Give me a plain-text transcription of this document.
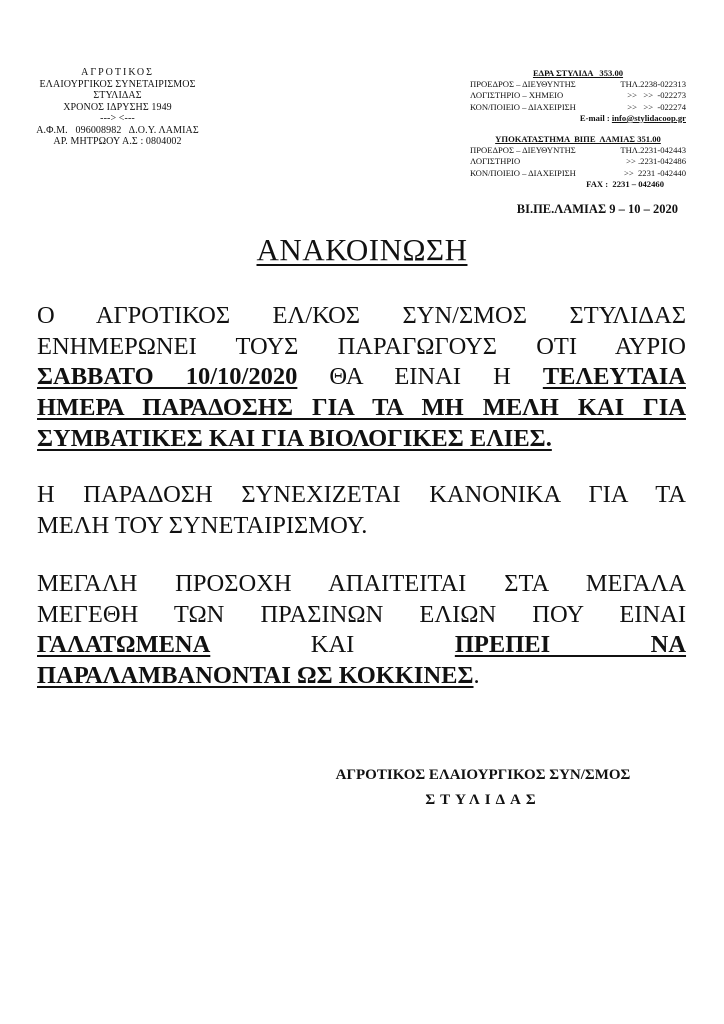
ΑΓΡΟΤΙΚΟΣ
ΕΛΑΙΟΥΡΓΙΚΟΣ ΣΥΝΕΤΑΙΡΙΣΜΟΣ
ΣΤΥΛΙΔΑΣ
ΧΡΟΝΟΣ ΙΔΡΥΣΗΣ 1949
---> <---
Α.Φ.Μ.   096008982   Δ.Ο.Υ. ΛΑΜΙΑΣ
ΑΡ. ΜΗΤΡΩΟΥ Α.Σ : 0804002
ΕΔΡΑ ΣΤΥΛΙΔΑ   353.00
ΠΡΟΕΔΡΟΣ – ΔΙΕΥΘΥΝΤΗΣ	ΤΗΛ.2238-022313
ΛΟΓΙΣΤΗΡΙΟ – ΧΗΜΕΙΟ	>>   >>  -022273
ΚΟΝ/ΠΟΙΕΙΟ – ΔΙΑΧΕΙΡΙΣΗ	>>   >>  -022274
E-mail : info@stylidacoop.gr
ΥΠΟΚΑΤΑΣΤΗΜΑ  ΒΙΠΕ  ΛΑΜΙΑΣ 351.00
ΠΡΟΕΔΡΟΣ – ΔΙΕΥΘΥΝΤΗΣ	ΤΗΛ.2231-042443
ΛΟΓΙΣΤΗΡΙΟ	>> .2231-042486
ΚΟΝ/ΠΟΙΕΙΟ – ΔΙΑΧΕΙΡΙΣΗ	>>  2231 -042440
FAX :  2231 – 042460
ΒΙ.ΠΕ.ΛΑΜΙΑΣ 9 – 10 – 2020
ΑΝΑΚΟΙΝΩΣΗ
Ο ΑΓΡΟΤΙΚΟΣ ΕΛ/ΚΟΣ ΣΥΝ/ΣΜΟΣ ΣΤΥΛΙΔΑΣ
ΕΝΗΜΕΡΩΝΕΙ ΤΟΥΣ ΠΑΡΑΓΩΓΟΥΣ ΟΤΙ ΑΥΡΙΟ
ΣΑΒΒΑΤΟ 10/10/2020 ΘΑ ΕΙΝΑΙ Η ΤΕΛΕΥΤΑΙΑ
ΗΜΕΡΑ ΠΑΡΑΔΟΣΗΣ ΓΙΑ ΤΑ ΜΗ ΜΕΛΗ ΚΑΙ ΓΙΑ
ΣΥΜΒΑΤΙΚΕΣ ΚΑΙ ΓΙΑ ΒΙΟΛΟΓΙΚΕΣ ΕΛΙΕΣ.
Η ΠΑΡΑΔΟΣΗ ΣΥΝΕΧΙΖΕΤΑΙ ΚΑΝΟΝΙΚΑ ΓΙΑ ΤΑ
ΜΕΛΗ ΤΟΥ ΣΥΝΕΤΑΙΡΙΣΜΟΥ.
ΜΕΓΑΛΗ ΠΡΟΣΟΧΗ ΑΠΑΙΤΕΙΤΑΙ ΣΤΑ ΜΕΓΑΛΑ
ΜΕΓΕΘΗ ΤΩΝ ΠΡΑΣΙΝΩΝ ΕΛΙΩΝ ΠΟΥ ΕΙΝΑΙ
ΓΑΛΑΤΩΜΕΝΑ	ΚΑΙ	ΠΡΕΠΕΙ ΝΑ
ΠΑΡΑΛΑΜΒΑΝΟΝΤΑΙ ΩΣ ΚΟΚΚΙΝΕΣ.
ΑΓΡΟΤΙΚΟΣ ΕΛΑΙΟΥΡΓΙΚΟΣ ΣΥΝ/ΣΜΟΣ
ΣΤΥΛΙΔΑΣ
